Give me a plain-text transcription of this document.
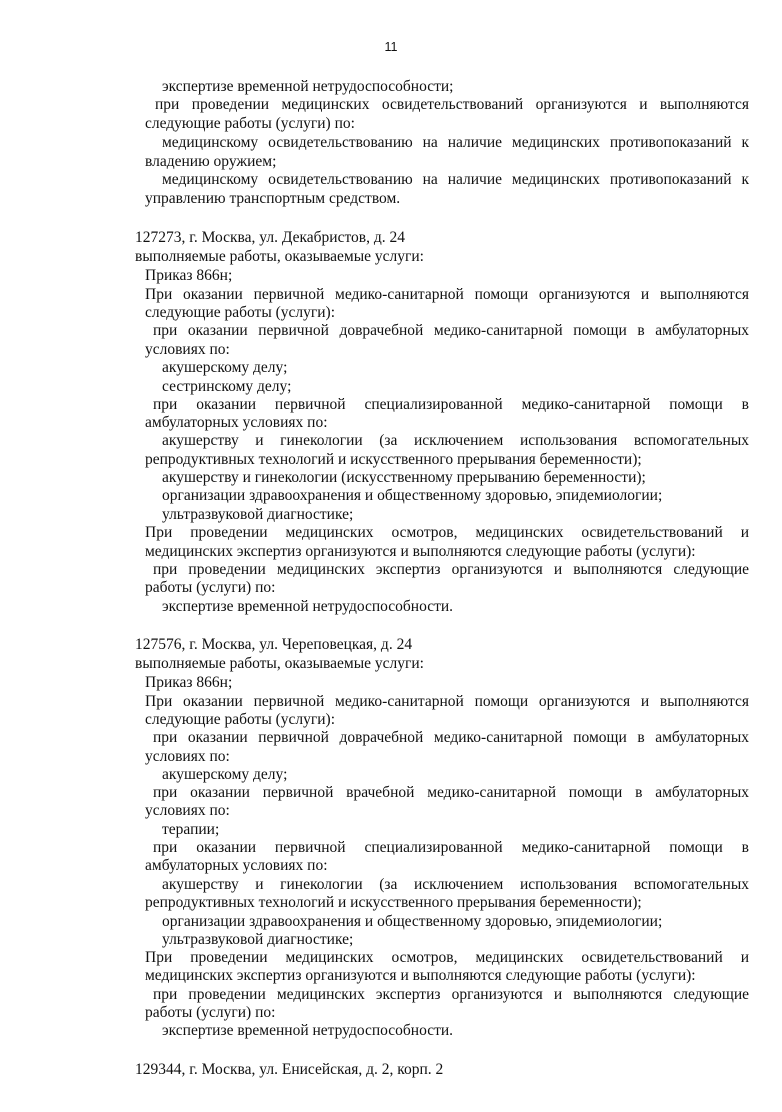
11
экспертизе временной нетрудоспособности;
при проведении медицинских освидетельствований организуются и выполняются
следующие работы (услуги) по:
медицинскому освидетельствованию на наличие медицинских противопоказаний к
владению оружием;
медицинскому освидетельствованию на наличие медицинских противопоказаний к
управлению транспортным средством.
127273, г. Москва, ул. Декабристов, д. 24
выполняемые работы, оказываемые услуги:
Приказ 866н;
При оказании первичной медико-санитарной помощи организуются и выполняются
следующие работы (услуги):
при оказании первичной доврачебной медико-санитарной помощи в амбулаторных
условиях по:
акушерскому делу;
сестринскому делу;
при оказании первичной специализированной медико-санитарной помощи в
амбулаторных условиях по:
акушерству и гинекологии (за исключением использования вспомогательных
репродуктивных технологий и искусственного прерывания беременности);
акушерству и гинекологии (искусственному прерыванию беременности);
организации здравоохранения и общественному здоровью, эпидемиологии;
ультразвуковой диагностике;
При проведении медицинских осмотров, медицинских освидетельствований и
медицинских экспертиз организуются и выполняются следующие работы (услуги):
при проведении медицинских экспертиз организуются и выполняются следующие
работы (услуги) по:
экспертизе временной нетрудоспособности.
127576, г. Москва, ул. Череповецкая, д. 24
выполняемые работы, оказываемые услуги:
Приказ 866н;
При оказании первичной медико-санитарной помощи организуются и выполняются
следующие работы (услуги):
при оказании первичной доврачебной медико-санитарной помощи в амбулаторных
условиях по:
акушерскому делу;
при оказании первичной врачебной медико-санитарной помощи в амбулаторных
условиях по:
терапии;
при оказании первичной специализированной медико-санитарной помощи в
амбулаторных условиях по:
акушерству и гинекологии (за исключением использования вспомогательных
репродуктивных технологий и искусственного прерывания беременности);
организации здравоохранения и общественному здоровью, эпидемиологии;
ультразвуковой диагностике;
При проведении медицинских осмотров, медицинских освидетельствований и
медицинских экспертиз организуются и выполняются следующие работы (услуги):
при проведении медицинских экспертиз организуются и выполняются следующие
работы (услуги) по:
экспертизе временной нетрудоспособности.
129344, г. Москва, ул. Енисейская, д. 2, корп. 2
